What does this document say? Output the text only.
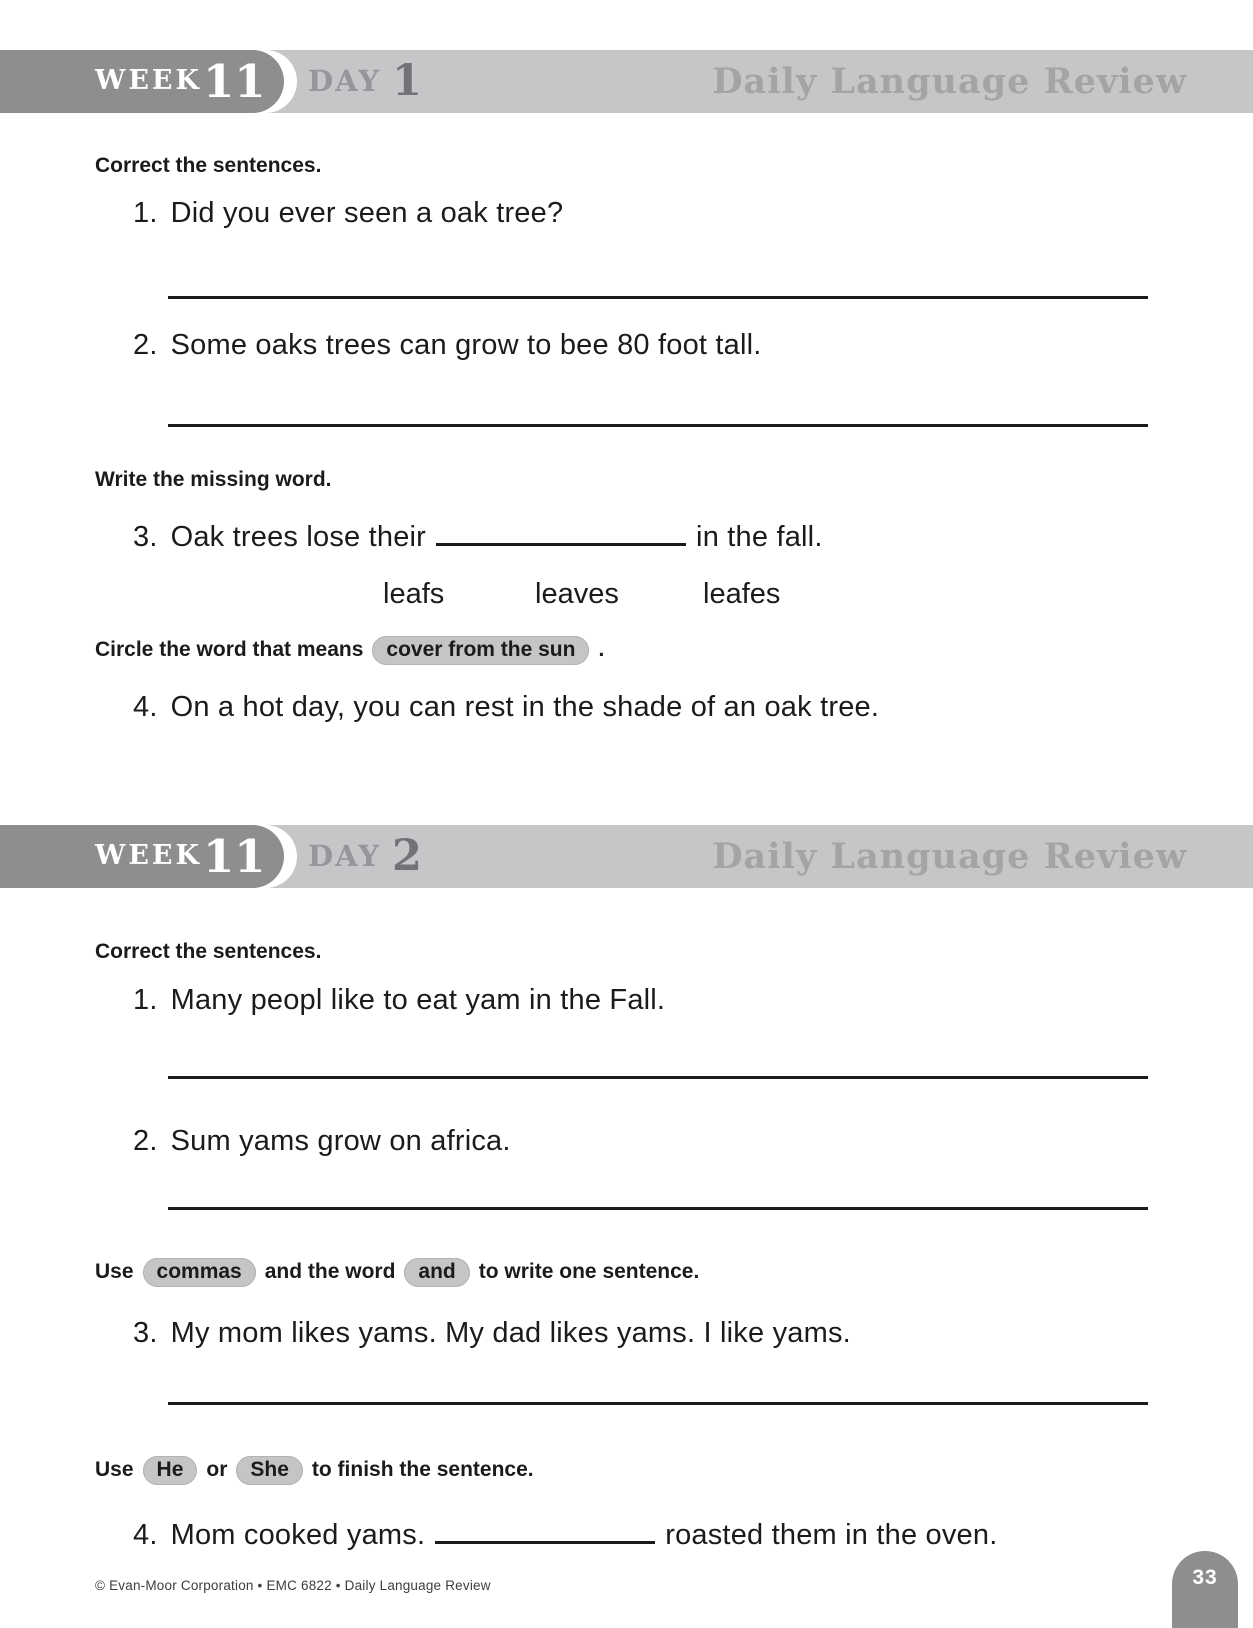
WEEK 11 DAY 1	Daily Language Review
Correct the sentences.
1. Did you ever seen a oak tree?
2. Some oaks trees can grow to bee 80 foot tall.
Write the missing word.
3. Oak trees lose their	in the fall.
leafs	leaves	leafes
Circle the word that means cover from the sun .
4. On a hot day, you can rest in the shade of an oak tree.
WEEK 11 DAY 2	Daily Language Review
Correct the sentences.
1. Many peopl like to eat yam in the Fall.
2. Sum yams grow on africa.
Use commas and the word and to write one sentence.
3. My mom likes yams. My dad likes yams. I like yams.
Use He or She to finish the sentence.
4. Mom cooked yams.	roasted them in the oven.
© Evan-Moor Corporation • EMC 6822 • Daily Language Review	33
